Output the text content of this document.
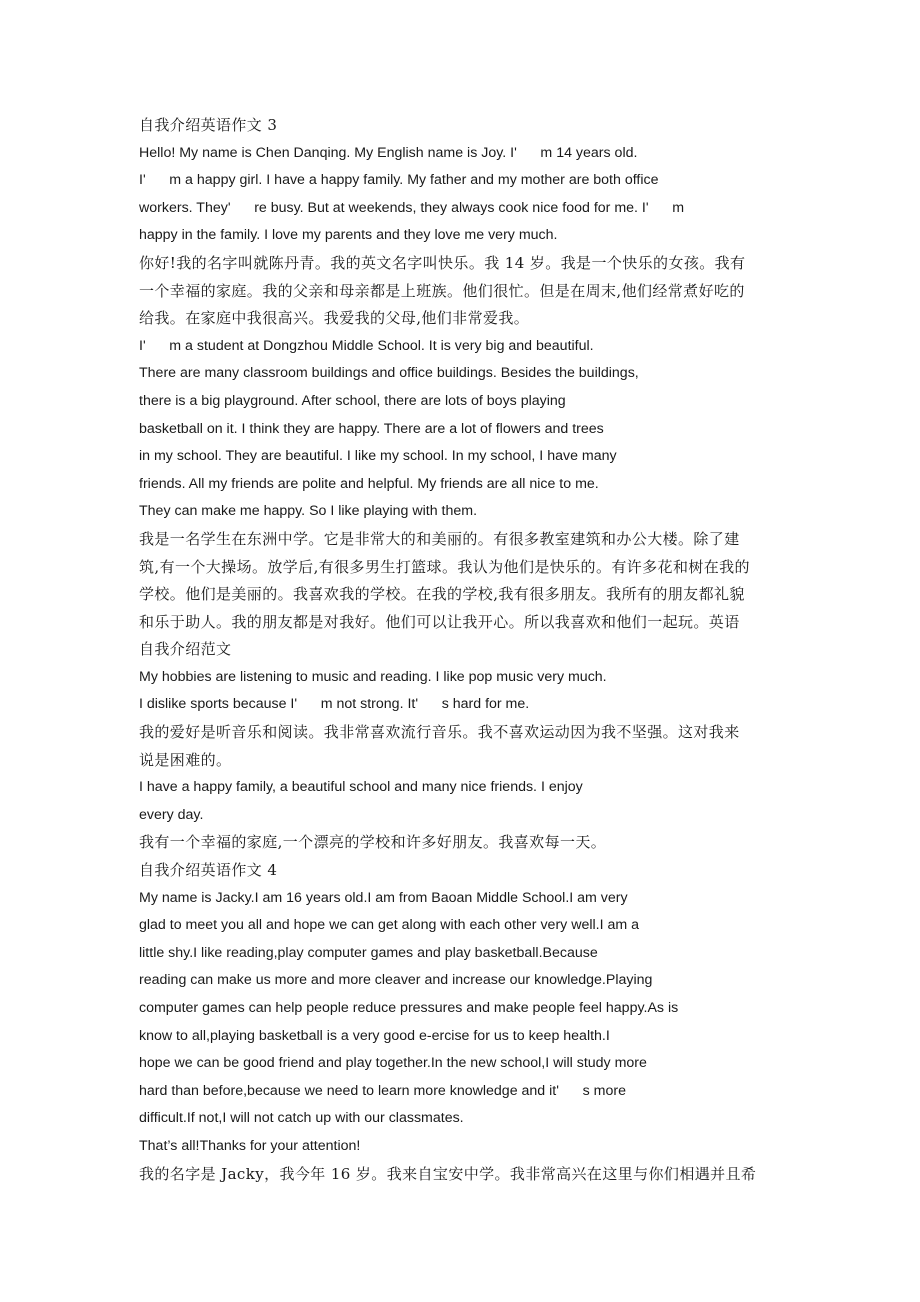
自我介绍英语作文 3
Hello! My name is Chen Danqing. My English name is Joy. I'      m 14 years old.
I'      m a happy girl. I have a happy family. My father and my mother are both office
workers. They'      re busy. But at weekends, they always cook nice food for me. I'      m
happy in the family. I love my parents and they love me very much.
你好!我的名字叫就陈丹青。我的英文名字叫快乐。我 14 岁。我是一个快乐的女孩。我有
一个幸福的家庭。我的父亲和母亲都是上班族。他们很忙。但是在周末,他们经常煮好吃的
给我。在家庭中我很高兴。我爱我的父母,他们非常爱我。
I'      m a student at Dongzhou Middle School. It is very big and beautiful.
There are many classroom buildings and office buildings. Besides the buildings,
there is a big playground. After school, there are lots of boys playing
basketball on it. I think they are happy. There are a lot of flowers and trees
in my school. They are beautiful. I like my school. In my school, I have many
friends. All my friends are polite and helpful. My friends are all nice to me.
They can make me happy. So I like playing with them.
我是一名学生在东洲中学。它是非常大的和美丽的。有很多教室建筑和办公大楼。除了建
筑,有一个大操场。放学后,有很多男生打篮球。我认为他们是快乐的。有许多花和树在我的
学校。他们是美丽的。我喜欢我的学校。在我的学校,我有很多朋友。我所有的朋友都礼貌
和乐于助人。我的朋友都是对我好。他们可以让我开心。所以我喜欢和他们一起玩。英语
自我介绍范文
My hobbies are listening to music and reading. I like pop music very much.
I dislike sports because I'      m not strong. It'      s hard for me.
我的爱好是听音乐和阅读。我非常喜欢流行音乐。我不喜欢运动因为我不坚强。这对我来
说是困难的。
I have a happy family, a beautiful school and many nice friends. I enjoy
every day.
我有一个幸福的家庭,一个漂亮的学校和许多好朋友。我喜欢每一天。
自我介绍英语作文 4
My name is Jacky.I am 16 years old.I am from Baoan Middle School.I am very
glad to meet you all and hope we can get along with each other very well.I am a
little shy.I like reading,play computer games and play basketball.Because
reading can make us more and more cleaver and increase our knowledge.Playing
computer games can help people reduce pressures and make people feel happy.As is
know to all,playing basketball is a very good e-ercise for us to keep health.I
hope we can be good friend and play together.In the new school,I will study more
hard than before,because we need to learn more knowledge and it'      s more
difficult.If not,I will not catch up with our classmates.
That’s all!Thanks for your attention!
我的名字是 Jacky，我今年 16 岁。我来自宝安中学。我非常高兴在这里与你们相遇并且希
